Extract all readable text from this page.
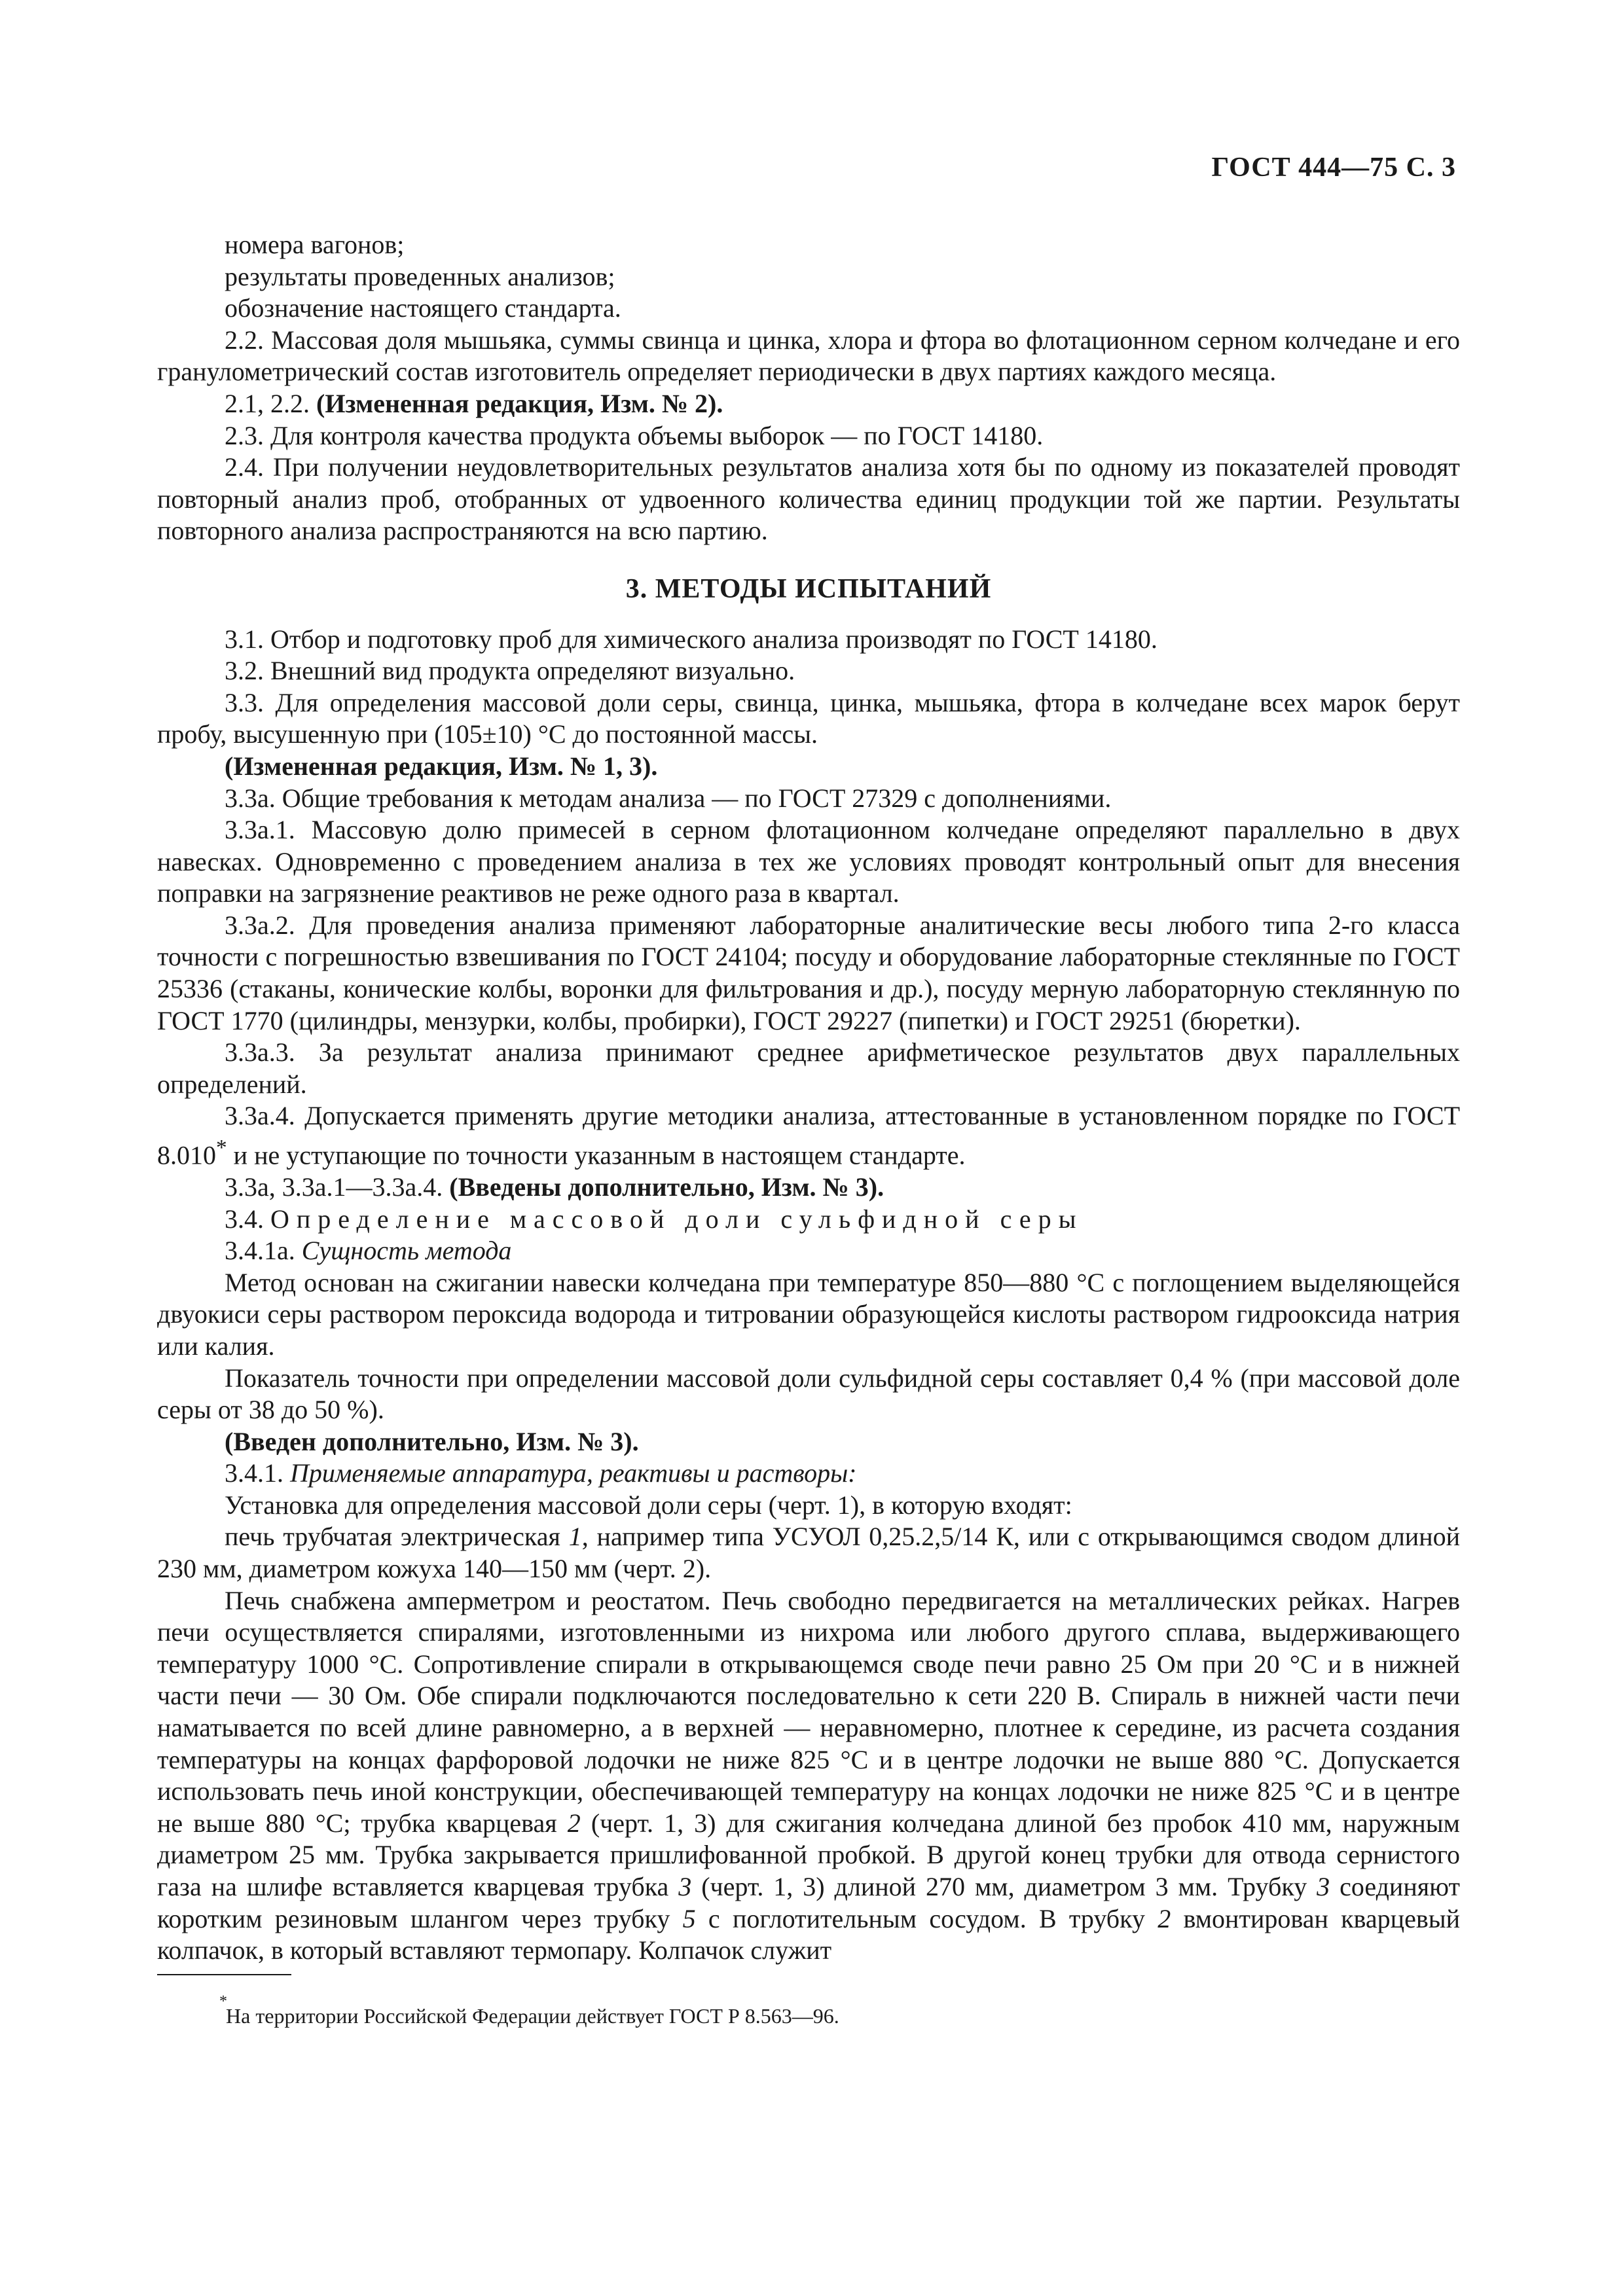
ГОСТ 444—75 С. 3

номера вагонов;

результаты проведенных анализов;

обозначение настоящего стандарта.

2.2. Массовая доля мышьяка, суммы свинца и цинка, хлора и фтора во флотационном серном колчедане и его гранулометрический состав изготовитель определяет периодически в двух партиях каждого месяца.

2.1, 2.2. (Измененная редакция, Изм. № 2).

2.3. Для контроля качества продукта объемы выборок — по ГОСТ 14180.

2.4. При получении неудовлетворительных результатов анализа хотя бы по одному из показателей проводят повторный анализ проб, отобранных от удвоенного количества единиц продукции той же партии. Результаты повторного анализа распространяются на всю партию.

3. МЕТОДЫ ИСПЫТАНИЙ

3.1. Отбор и подготовку проб для химического анализа производят по ГОСТ 14180.

3.2. Внешний вид продукта определяют визуально.

3.3. Для определения массовой доли серы, свинца, цинка, мышьяка, фтора в колчедане всех марок берут пробу, высушенную при (105±10) °С до постоянной массы.

(Измененная редакция, Изм. № 1, 3).

3.3а. Общие требования к методам анализа — по ГОСТ 27329 с дополнениями.

3.3а.1. Массовую долю примесей в серном флотационном колчедане определяют параллельно в двух навесках. Одновременно с проведением анализа в тех же условиях проводят контрольный опыт для внесения поправки на загрязнение реактивов не реже одного раза в квартал.

3.3а.2. Для проведения анализа применяют лабораторные аналитические весы любого типа 2-го класса точности с погрешностью взвешивания по ГОСТ 24104; посуду и оборудование лабораторные стеклянные по ГОСТ 25336 (стаканы, конические колбы, воронки для фильтрования и др.), посуду мерную лабораторную стеклянную по ГОСТ 1770 (цилиндры, мензурки, колбы, пробирки), ГОСТ 29227 (пипетки) и ГОСТ 29251 (бюретки).

3.3а.3. За результат анализа принимают среднее арифметическое результатов двух параллельных определений.

3.3а.4. Допускается применять другие методики анализа, аттестованные в установленном порядке по ГОСТ 8.010* и не уступающие по точности указанным в настоящем стандарте.

3.3а, 3.3а.1—3.3а.4. (Введены дополнительно, Изм. № 3).

3.4. Определение массовой доли сульфидной серы

3.4.1а. Сущность метода

Метод основан на сжигании навески колчедана при температуре 850—880 °С с поглощением выделяющейся двуокиси серы раствором пероксида водорода и титровании образующейся кислоты раствором гидрооксида натрия или калия.

Показатель точности при определении массовой доли сульфидной серы составляет 0,4 % (при массовой доле серы от 38 до 50 %).

(Введен дополнительно, Изм. № 3).

3.4.1. Применяемые аппаратура, реактивы и растворы:

Установка для определения массовой доли серы (черт. 1), в которую входят:

печь трубчатая электрическая 1, например типа УСУОЛ 0,25.2,5/14 К, или с открывающимся сводом длиной 230 мм, диаметром кожуха 140—150 мм (черт. 2).

Печь снабжена амперметром и реостатом. Печь свободно передвигается на металлических рейках. Нагрев печи осуществляется спиралями, изготовленными из нихрома или любого другого сплава, выдерживающего температуру 1000 °С. Сопротивление спирали в открывающемся своде печи равно 25 Ом при 20 °С и в нижней части печи — 30 Ом. Обе спирали подключаются последовательно к сети 220 В. Спираль в нижней части печи наматывается по всей длине равномерно, а в верхней — неравномерно, плотнее к середине, из расчета создания температуры на концах фарфоровой лодочки не ниже 825 °С и в центре лодочки не выше 880 °С. Допускается использовать печь иной конструкции, обеспечивающей температуру на концах лодочки не ниже 825 °С и в центре не выше 880 °С; трубка кварцевая 2 (черт. 1, 3) для сжигания колчедана длиной без пробок 410 мм, наружным диаметром 25 мм. Трубка закрывается пришлифованной пробкой. В другой конец трубки для отвода сернистого газа на шлифе вставляется кварцевая трубка 3 (черт. 1, 3) длиной 270 мм, диаметром 3 мм. Трубку 3 соединяют коротким резиновым шлангом через трубку 5 с поглотительным сосудом. В трубку 2 вмонтирован кварцевый колпачок, в который вставляют термопару. Колпачок служит

*
На территории Российской Федерации действует ГОСТ Р 8.563—96.
